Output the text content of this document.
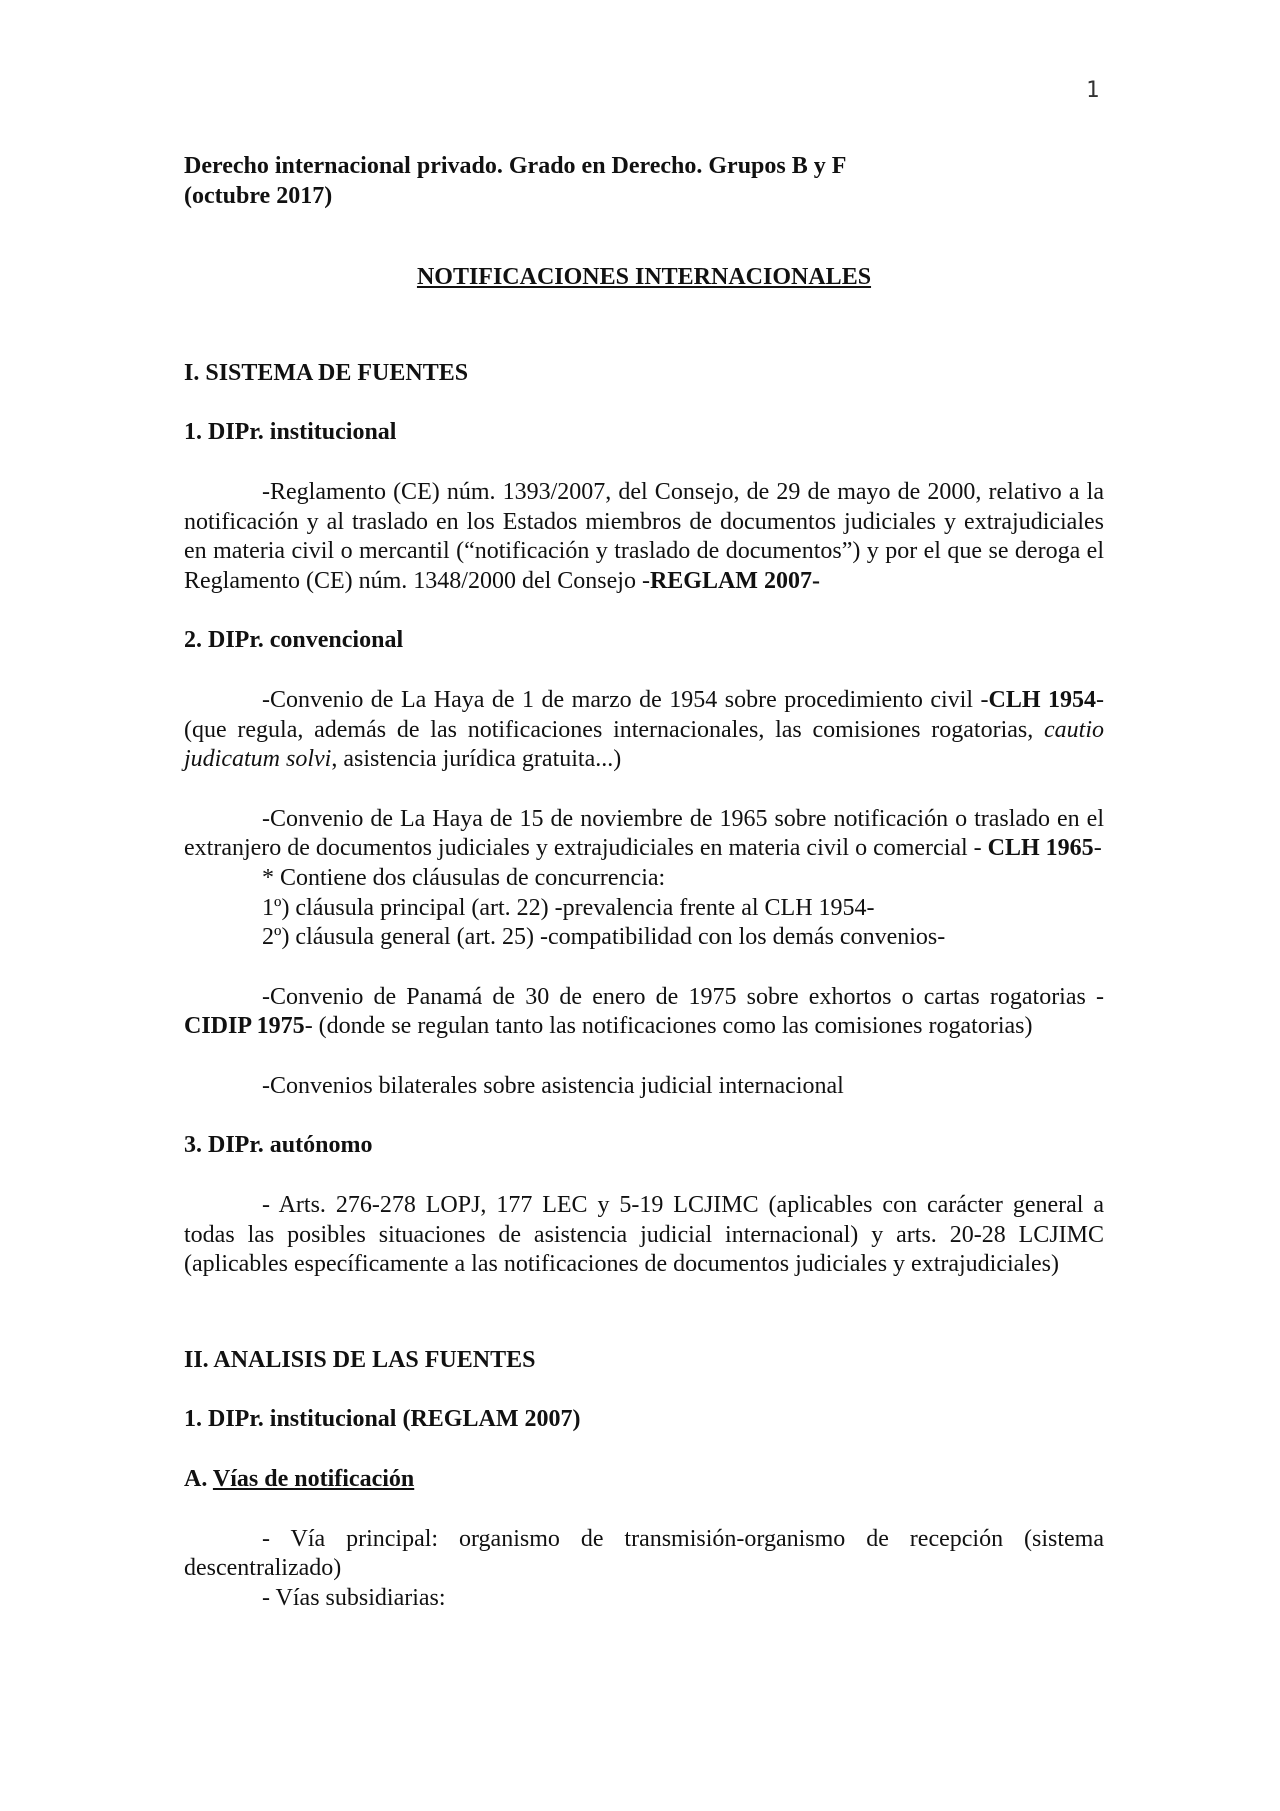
1

Derecho internacional privado. Grado en Derecho. Grupos B y F

(octubre 2017)

NOTIFICACIONES INTERNACIONALES

I. SISTEMA DE FUENTES

1. DIPr. institucional

-Reglamento (CE) núm. 1393/2007, del Consejo, de 29 de mayo de 2000, relativo a la notificación y al traslado en los Estados miembros de documentos judiciales y extrajudiciales en materia civil o mercantil (“notificación y traslado de documentos”) y por el que se deroga el Reglamento (CE) núm. 1348/2000 del Consejo -REGLAM 2007-

2. DIPr. convencional

-Convenio de La Haya de 1 de marzo de 1954 sobre procedimiento civil -CLH 1954- (que regula, además de las notificaciones internacionales, las comisiones rogatorias, cautio judicatum solvi, asistencia jurídica gratuita...)

-Convenio de La Haya de 15 de noviembre de 1965 sobre notificación o traslado en el extranjero de documentos judiciales y extrajudiciales en materia civil o comercial - CLH 1965-

* Contiene dos cláusulas de concurrencia:

1º) cláusula principal (art. 22) -prevalencia frente al CLH 1954-

2º) cláusula general (art. 25) -compatibilidad con los demás convenios-

-Convenio de Panamá de 30 de enero de 1975 sobre exhortos o cartas rogatorias - CIDIP 1975- (donde se regulan tanto las notificaciones como las comisiones rogatorias)

-Convenios bilaterales sobre asistencia judicial internacional

3. DIPr. autónomo

- Arts. 276-278 LOPJ, 177 LEC y 5-19 LCJIMC (aplicables con carácter general a todas las posibles situaciones de asistencia judicial internacional) y arts. 20-28 LCJIMC (aplicables específicamente a las notificaciones de documentos judiciales y extrajudiciales)

II. ANALISIS DE LAS FUENTES

1. DIPr. institucional (REGLAM 2007)

A. Vías de notificación

- Vía principal: organismo de transmisión-organismo de recepción (sistema descentralizado)

- Vías subsidiarias:
